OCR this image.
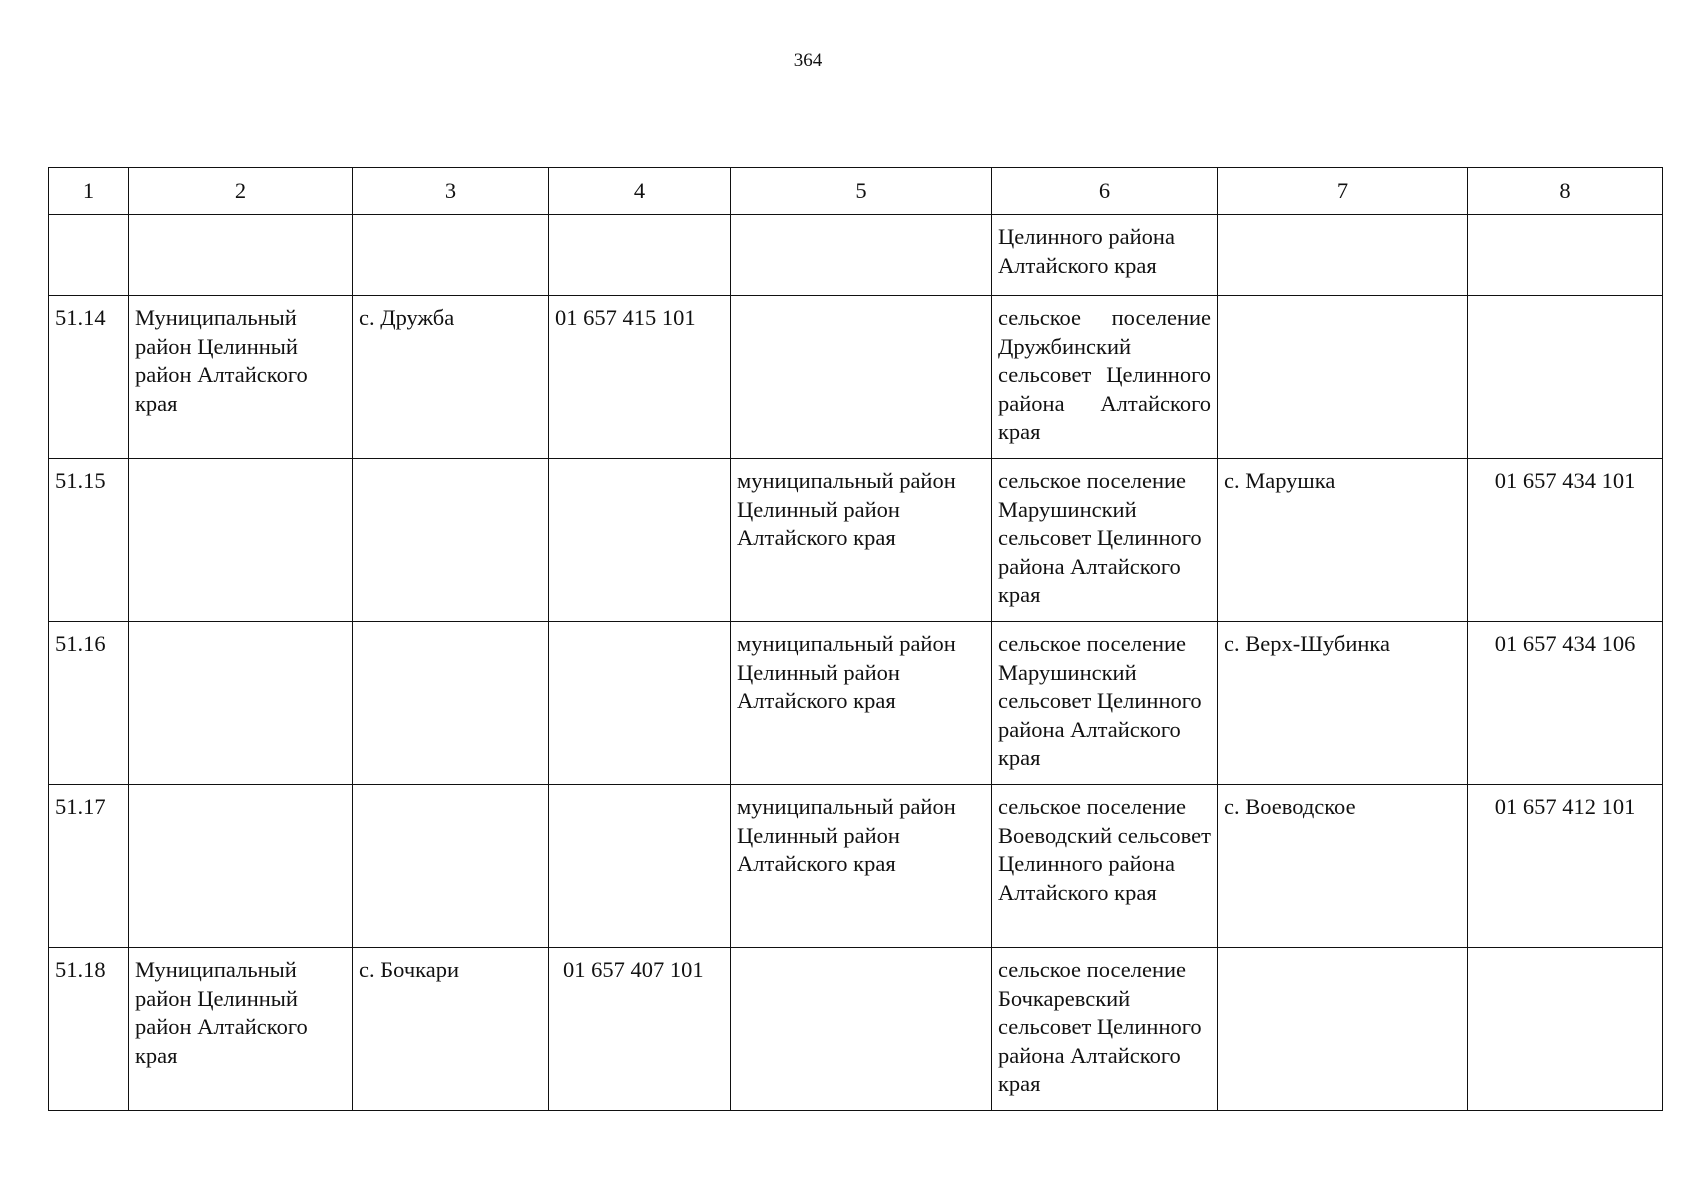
364
1	2	3	4	5	6	7	8
					Целинного района Алтайского края		
51.14	Муниципальный район Целинный район Алтайского края	с. Дружба	01 657 415 101		сельское поселение Дружбинский сельсовет Целинного района Алтайского края		
51.15				муниципальный район Целинный район Алтайского края	сельское поселение Марушинский сельсовет Целинного района Алтайского края	с. Марушка	01 657 434 101
51.16				муниципальный район Целинный район Алтайского края	сельское поселение Марушинский сельсовет Целинного района Алтайского края	с. Верх-Шубинка	01 657 434 106
51.17				муниципальный район Целинный район Алтайского края	сельское поселение Воеводский сельсовет Целинного района Алтайского края	с. Воеводское	01 657 412 101
51.18	Муниципальный район Целинный район Алтайского края	с. Бочкари	01 657 407 101		сельское поселение Бочкаревский сельсовет Целинного района Алтайского края		
